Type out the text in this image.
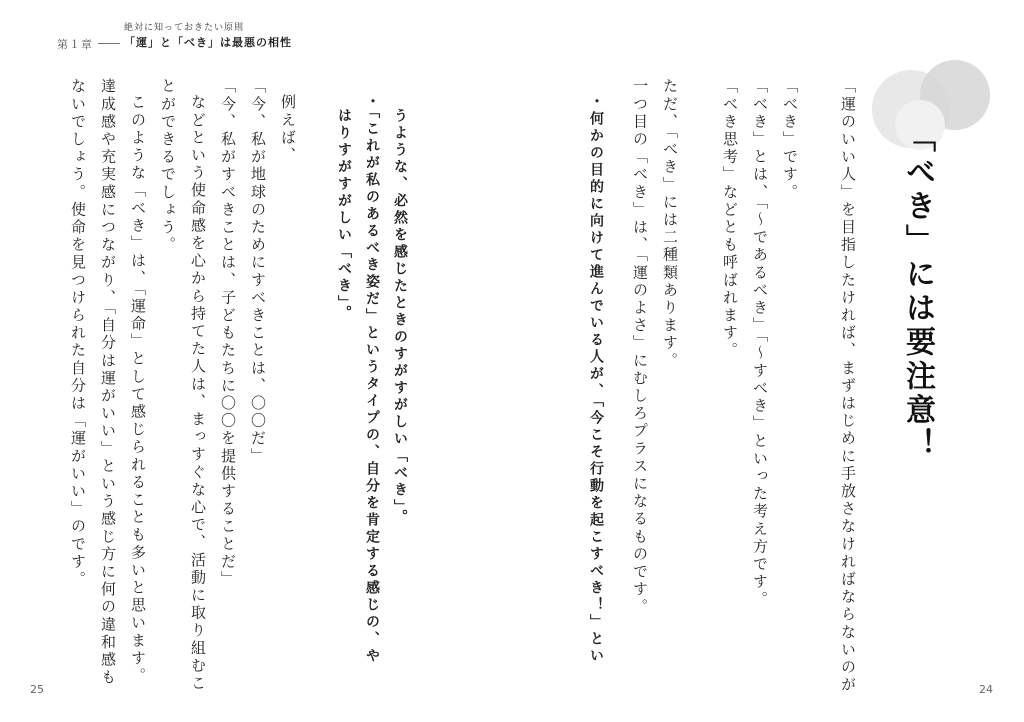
第１章
絶対に知っておきたい原則
「運」と「べき」は最悪の相性
「べき」には要注意！
「運のいい人」を目指したければ、まずはじめに手放さなければならないのが
「べき」です。
「べき」とは、「〜であるべき」「〜すべき」といった考え方です。
「べき思考」などとも呼ばれます。
ただ、「べき」には二種類あります。
一つ目の「べき」は、「運のよさ」にむしろプラスになるものです。
・何かの目的に向けて進んでいる人が、「今こそ行動を起こすべき！」とい
24
うような、必然を感じたときのすがすがしい「べき」。
・「これが私のあるべき姿だ」というタイプの、自分を肯定する感じの、や
はりすがすがしい「べき」。
例えば、
「今、私が地球のためにすべきことは、〇〇だ」
「今、私がすべきことは、子どもたちに〇〇を提供することだ」
などという使命感を心から持てた人は、まっすぐな心で、活動に取り組むこ
とができるでしょう。
このような「べき」は、「運命」として感じられることも多いと思います。
達成感や充実感につながり、「自分は運がいい」という感じ方に何の違和感も
ないでしょう。使命を見つけられた自分は「運がいい」のです。
25
